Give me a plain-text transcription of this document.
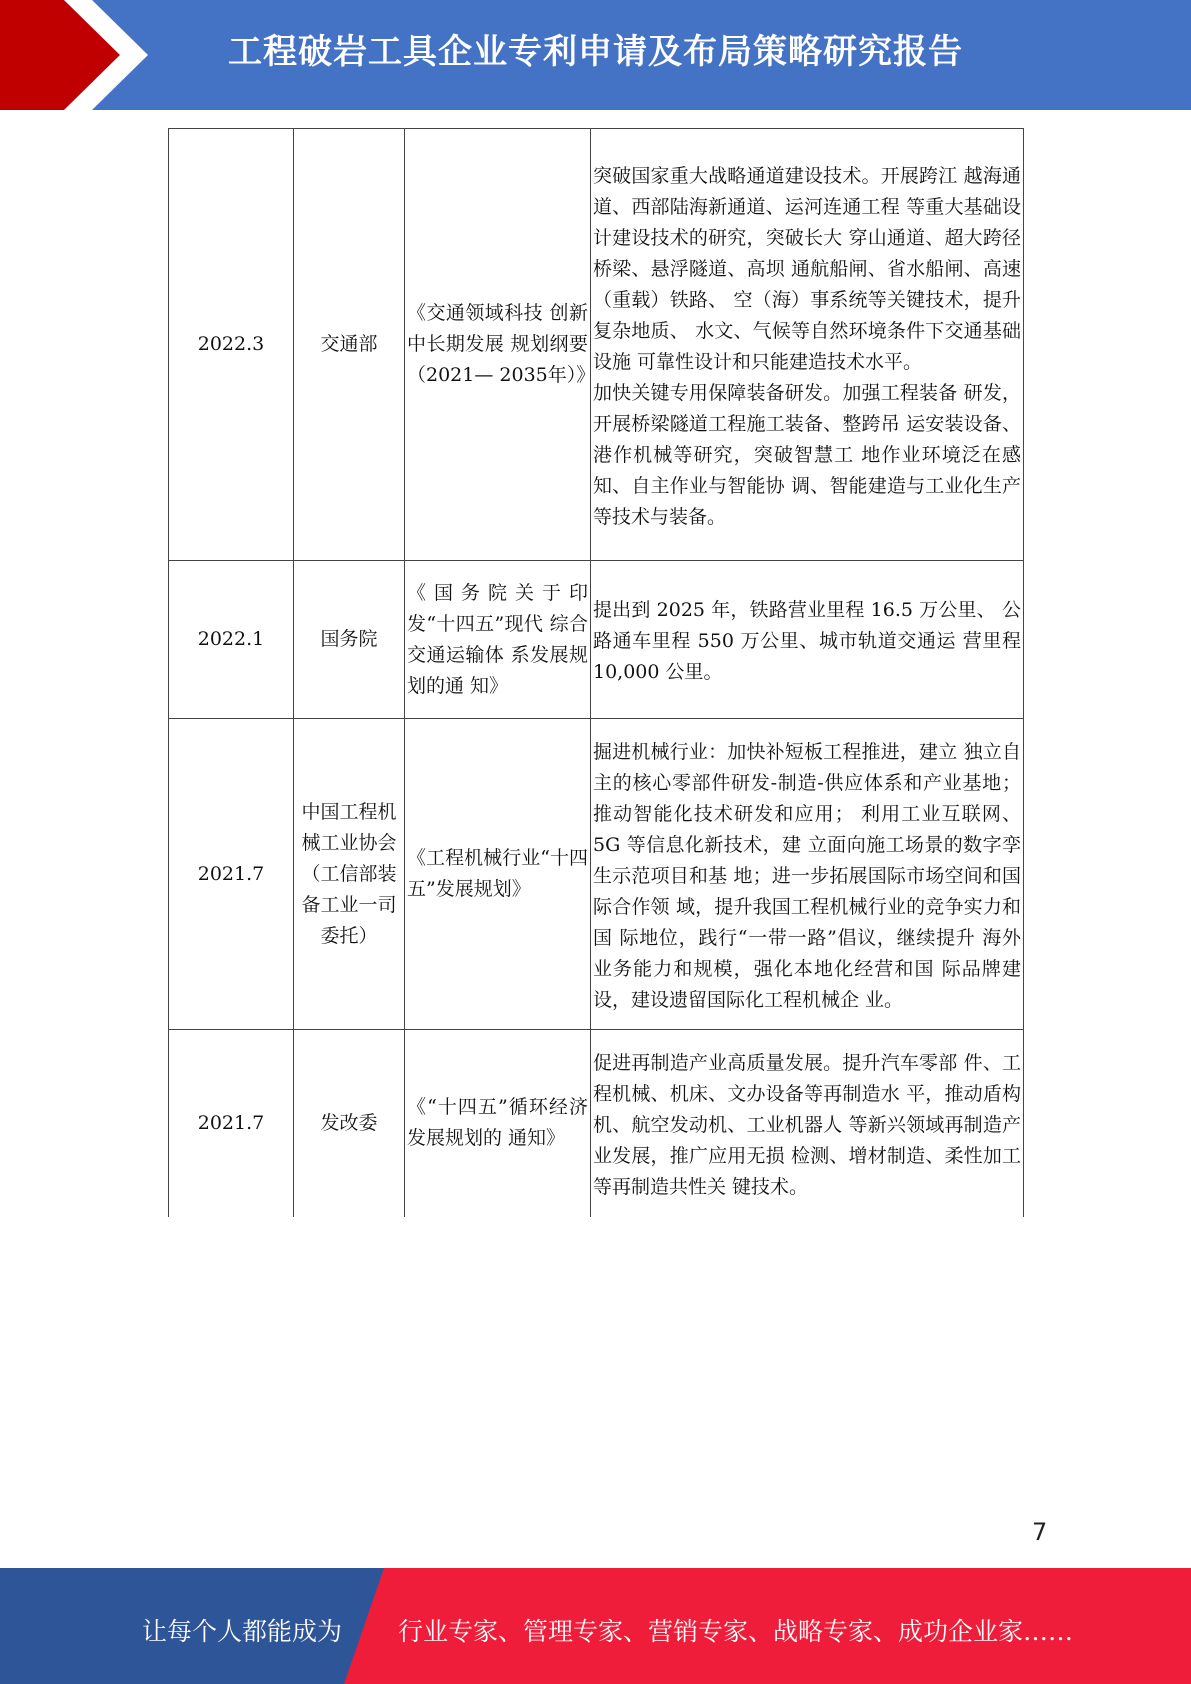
工程破岩工具企业专利申请及布局策略研究报告
2022.3	交通部	《交通领域科技 创新中长期发展 规划纲要（2021— 2035年）》	突破国家重大战略通道建设技术。开展跨江 越海通道、西部陆海新通道、运河连通工程 等重大基础设计建设技术的研究，突破长大 穿山通道、超大跨径桥梁、悬浮隧道、高坝 通航船闸、省水船闸、高速（重载）铁路、 空（海）事系统等关键技术，提升复杂地质、 水文、气候等自然环境条件下交通基础设施 可靠性设计和只能建造技术水平。
加快关键专用保障装备研发。加强工程装备 研发，开展桥梁隧道工程施工装备、整跨吊 运安装设备、港作机械等研究，突破智慧工 地作业环境泛在感知、自主作业与智能协 调、智能建造与工业化生产等技术与装备。

2022.1	国务院	《国务院关于印 发“十四五”现代 综合交通运输体 系发展规划的通 知》	提出到 2025 年，铁路营业里程 16.5 万公里、 公路通车里程 550 万公里、城市轨道交通运 营里程 10,000 公里。
2021.7	中国工程机械工业协会（工信部装备工业一司委托）	《工程机械行业“十四五”发展规划》	掘进机械行业：加快补短板工程推进，建立 独立自主的核心零部件研发-制造-供应体系和产业基地；推动智能化技术研发和应用； 利用工业互联网、5G 等信息化新技术，建 立面向施工场景的数字孪生示范项目和基 地；进一步拓展国际市场空间和国际合作领 域，提升我国工程机械行业的竞争实力和国 际地位，践行“一带一路”倡议，继续提升 海外业务能力和规模，强化本地化经营和国 际品牌建设，建设遗留国际化工程机械企 业。
2021.7	发改委	《“十四五”循环经济发展规划的 通知》	促进再制造产业高质量发展。提升汽车零部 件、工程机械、机床、文办设备等再制造水 平，推动盾构机、航空发动机、工业机器人 等新兴领域再制造产业发展，推广应用无损 检测、增材制造、柔性加工等再制造共性关 键技术。
7
让每个人都能成为 行业专家、管理专家、营销专家、战略专家、成功企业家……
